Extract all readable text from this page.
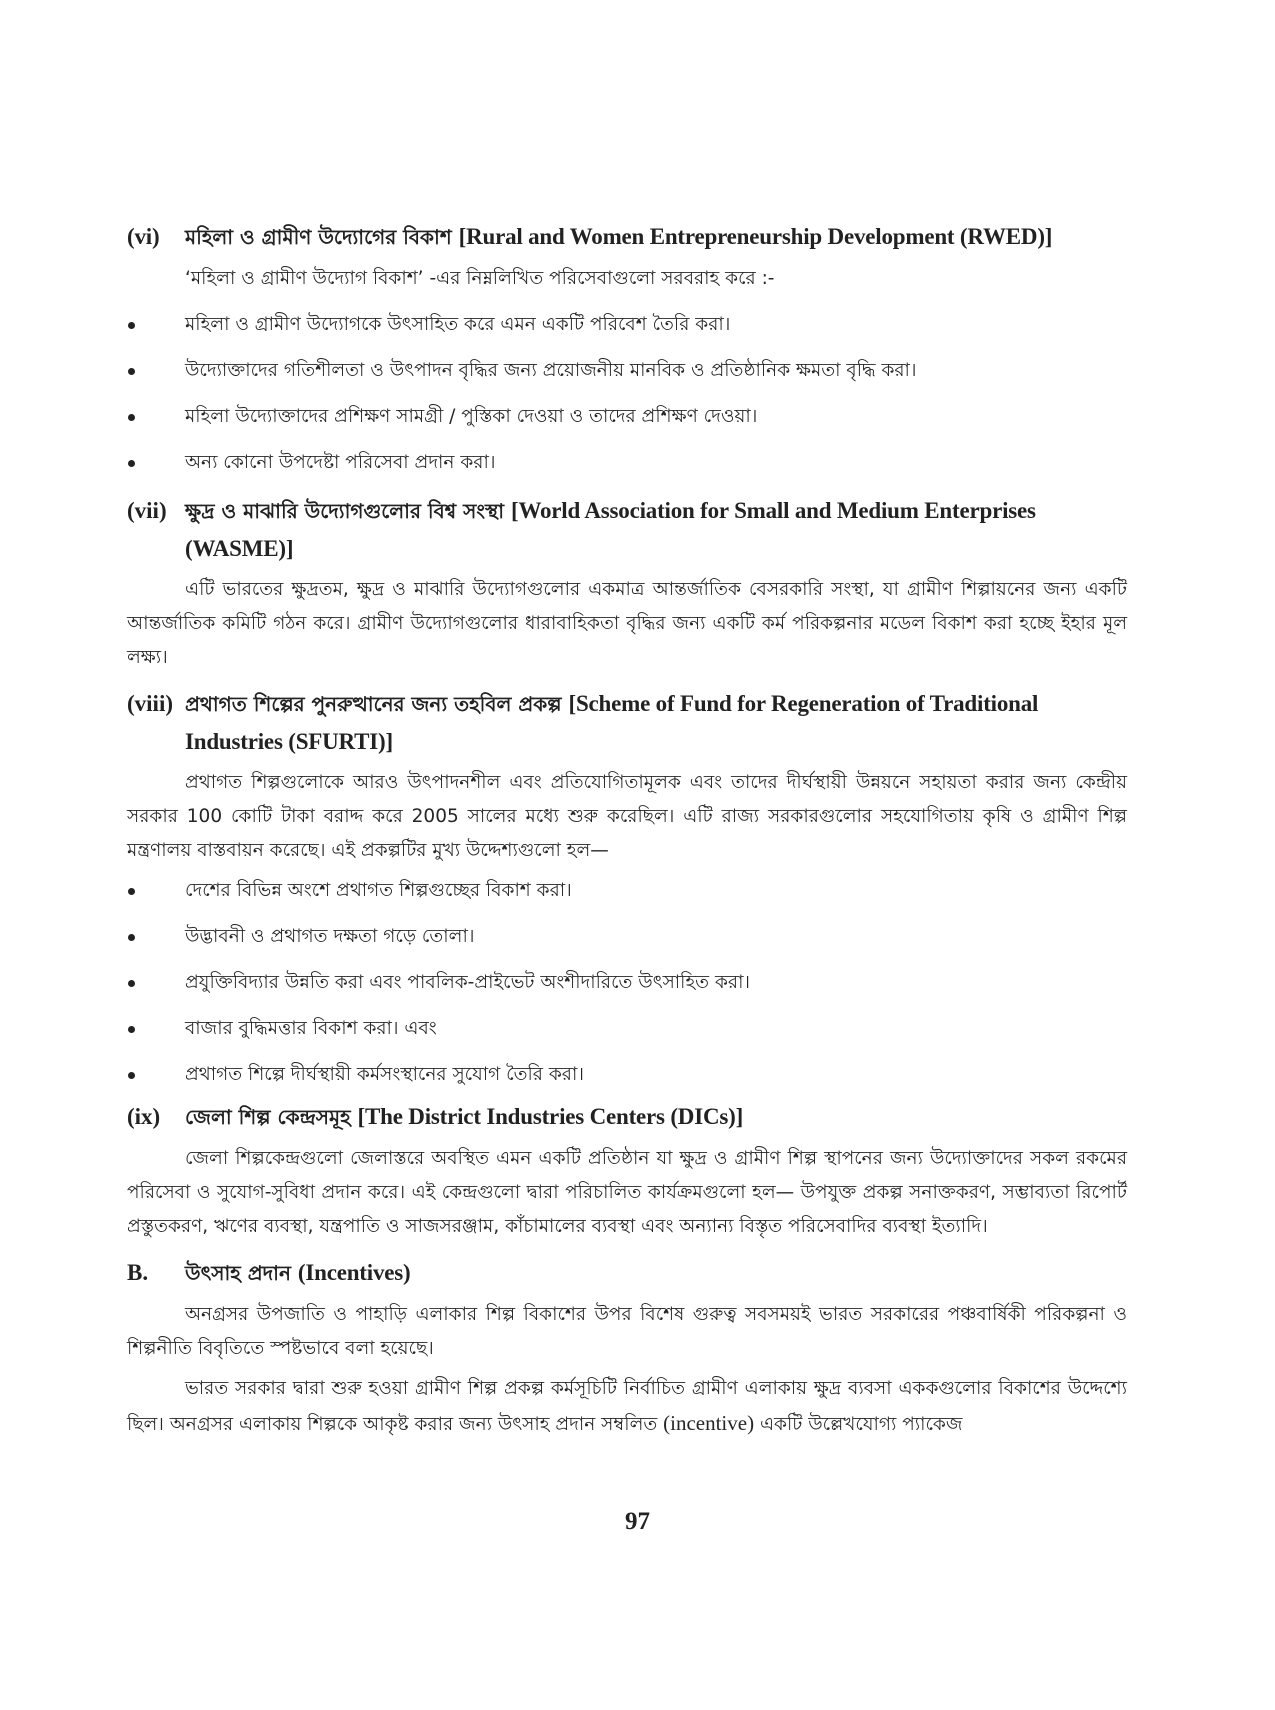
(vi)	মহিলা ও গ্রামীণ উদ্যোগের বিকাশ [Rural and Women Entrepreneurship Development (RWED)]

‘মহিলা ও গ্রামীণ উদ্যোগ বিকাশ’ -এর নিম্নলিখিত পরিসেবাগুলো সরবরাহ করে :-

মহিলা ও গ্রামীণ উদ্যোগকে উৎসাহিত করে এমন একটি পরিবেশ তৈরি করা।
উদ্যোক্তাদের গতিশীলতা ও উৎপাদন বৃদ্ধির জন্য প্রয়োজনীয় মানবিক ও প্রতিষ্ঠানিক ক্ষমতা বৃদ্ধি করা।
মহিলা উদ্যোক্তাদের প্রশিক্ষণ সামগ্রী / পুস্তিকা দেওয়া ও তাদের প্রশিক্ষণ দেওয়া।
অন্য কোনো উপদেষ্টা পরিসেবা প্রদান করা।
(vii) ক্ষুদ্র ও মাঝারি উদ্যোগগুলোর বিশ্ব সংস্থা [World Association for Small and Medium Enterprises (WASME)]

এটি ভারতের ক্ষুদ্রতম, ক্ষুদ্র ও মাঝারি উদ্যোগগুলোর একমাত্র আন্তর্জাতিক বেসরকারি সংস্থা, যা গ্রামীণ শিল্পায়নের জন্য একটি আন্তর্জাতিক কমিটি গঠন করে। গ্রামীণ উদ্যোগগুলোর ধারাবাহিকতা বৃদ্ধির জন্য একটি কর্ম পরিকল্পনার মডেল বিকাশ করা হচ্ছে ইহার মূল লক্ষ্য।

(viii) প্রথাগত শিল্পের পুনরুত্থানের জন্য তহবিল প্রকল্প [Scheme of Fund for Regeneration of Traditional Industries (SFURTI)]

প্রথাগত শিল্পগুলোকে আরও উৎপাদনশীল এবং প্রতিযোগিতামূলক এবং তাদের দীর্ঘস্থায়ী উন্নয়নে সহায়তা করার জন্য কেন্দ্রীয় সরকার 100 কোটি টাকা বরাদ্দ করে 2005 সালের মধ্যে শুরু করেছিল। এটি রাজ্য সরকারগুলোর সহযোগিতায় কৃষি ও গ্রামীণ শিল্প মন্ত্রণালয় বাস্তবায়ন করেছে। এই প্রকল্পটির মুখ্য উদ্দেশ্যগুলো হল—

দেশের বিভিন্ন অংশে প্রথাগত শিল্পগুচ্ছের বিকাশ করা।
উদ্ভাবনী ও প্রথাগত দক্ষতা গড়ে তোলা।
প্রযুক্তিবিদ্যার উন্নতি করা এবং পাবলিক-প্রাইভেট অংশীদারিতে উৎসাহিত করা।
বাজার বুদ্ধিমত্তার বিকাশ করা। এবং
প্রথাগত শিল্পে দীর্ঘস্থায়ী কর্মসংস্থানের সুযোগ তৈরি করা।
(ix)	জেলা শিল্প কেন্দ্রসমূহ [The District Industries Centers (DICs)]

জেলা শিল্পকেন্দ্রগুলো জেলাস্তরে অবস্থিত এমন একটি প্রতিষ্ঠান যা ক্ষুদ্র ও গ্রামীণ শিল্প স্থাপনের জন্য উদ্যোক্তাদের সকল রকমের পরিসেবা ও সুযোগ-সুবিধা প্রদান করে। এই কেন্দ্রগুলো দ্বারা পরিচালিত কার্যক্রমগুলো হল— উপযুক্ত প্রকল্প সনাক্তকরণ, সম্ভাব্যতা রিপোর্ট প্রস্তুতকরণ, ঋণের ব্যবস্থা, যন্ত্রপাতি ও সাজসরঞ্জাম, কাঁচামালের ব্যবস্থা এবং অন্যান্য বিস্তৃত পরিসেবাদির ব্যবস্থা ইত্যাদি।

B.	উৎসাহ প্রদান (Incentives)

অনগ্রসর উপজাতি ও পাহাড়ি এলাকার শিল্প বিকাশের উপর বিশেষ গুরুত্ব সবসময়ই ভারত সরকারের পঞ্চবার্ষিকী পরিকল্পনা ও শিল্পনীতি বিবৃতিতে স্পষ্টভাবে বলা হয়েছে।

ভারত সরকার দ্বারা শুরু হওয়া গ্রামীণ শিল্প প্রকল্প কর্মসূচিটি নির্বাচিত গ্রামীণ এলাকায় ক্ষুদ্র ব্যবসা এককগুলোর বিকাশের উদ্দেশ্যে ছিল। অনগ্রসর এলাকায় শিল্পকে আকৃষ্ট করার জন্য উৎসাহ প্রদান সম্বলিত (incentive) একটি উল্লেখযোগ্য প্যাকেজ

97
